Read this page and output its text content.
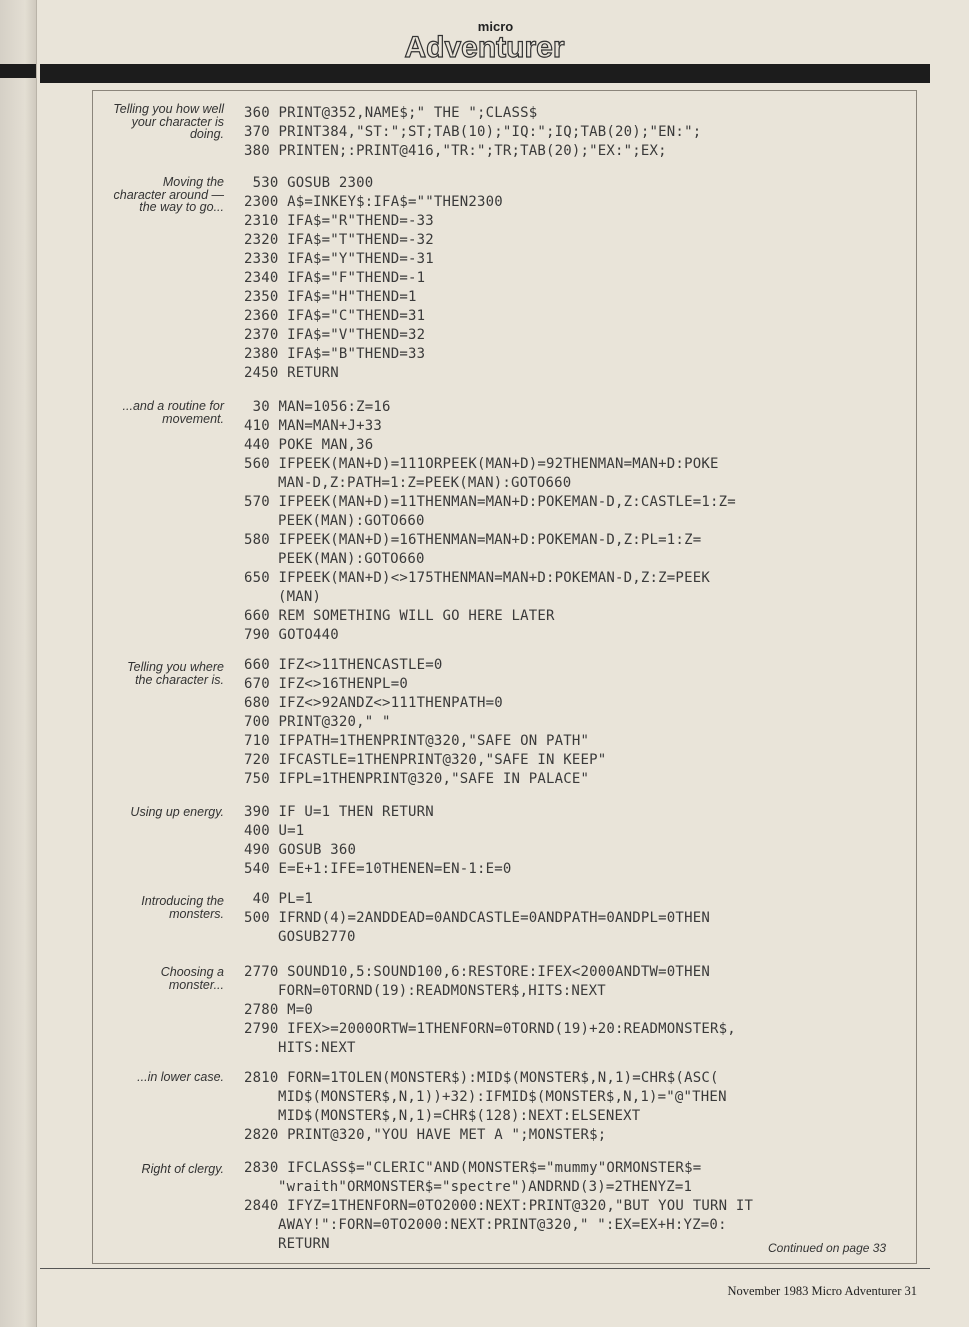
micro
Adventurer
Telling you how well your character is doing.
360 PRINT@352,NAME$;" THE ";CLASS$
370 PRINT384,"ST:";ST;TAB(10);"IQ:";IQ;TAB(20);"EN:";
380 PRINTEN;:PRINT@416,"TR:";TR;TAB(20);"EX:";EX;
Moving the character around — the way to go...
530 GOSUB 2300
2300 A$=INKEY$:IFA$=""THEN2300
2310 IFA$="R"THEND=-33
2320 IFA$="T"THEND=-32
2330 IFA$="Y"THEND=-31
2340 IFA$="F"THEND=-1
2350 IFA$="H"THEND=1
2360 IFA$="C"THEND=31
2370 IFA$="V"THEND=32
2380 IFA$="B"THEND=33
2450 RETURN
...and a routine for movement.
30 MAN=1056:Z=16
410 MAN=MAN+J+33
440 POKE MAN,36
560 IFPEEK(MAN+D)=111ORPEEK(MAN+D)=92THENMAN=MAN+D:POKE
MAN-D,Z:PATH=1:Z=PEEK(MAN):GOTO660
570 IFPEEK(MAN+D)=11THENMAN=MAN+D:POKEMAN-D,Z:CASTLE=1:Z=
PEEK(MAN):GOTO660
580 IFPEEK(MAN+D)=16THENMAN=MAN+D:POKEMAN-D,Z:PL=1:Z=
PEEK(MAN):GOTO660
650 IFPEEK(MAN+D)<>175THENMAN=MAN+D:POKEMAN-D,Z:Z=PEEK
(MAN)
660 REM SOMETHING WILL GO HERE LATER
790 GOTO440
Telling you where the character is.
660 IFZ<>11THENCASTLE=0
670 IFZ<>16THENPL=0
680 IFZ<>92ANDZ<>111THENPATH=0
700 PRINT@320," "
710 IFPATH=1THENPRINT@320,"SAFE ON PATH"
720 IFCASTLE=1THENPRINT@320,"SAFE IN KEEP"
750 IFPL=1THENPRINT@320,"SAFE IN PALACE"
Using up energy. 390 IF U=1 THEN RETURN
400 U=1
490 GOSUB 360
540 E=E+1:IFE=10THENEN=EN-1:E=0
Introducing the monsters.
40 PL=1
500 IFRND(4)=2ANDDEAD=0ANDCASTLE=0ANDPATH=0ANDPL=0THEN
GOSUB2770
Choosing a monster...
2770 SOUND10,5:SOUND100,6:RESTORE:IFEX<2000ANDTW=0THEN
FORN=0TORND(19):READMONSTER$,HITS:NEXT
2780 M=0
2790 IFEX>=2000ORTW=1THENFORN=0TORND(19)+20:READMONSTER$,
HITS:NEXT
...in lower case. 2810 FORN=1TOLEN(MONSTER$):MID$(MONSTER$,N,1)=CHR$(ASC(
MID$(MONSTER$,N,1))+32):IFMID$(MONSTER$,N,1)="@"THEN
MID$(MONSTER$,N,1)=CHR$(128):NEXT:ELSENEXT
2820 PRINT@320,"YOU HAVE MET A ";MONSTER$;
Right of clergy. 2830 IFCLASS$="CLERIC"AND(MONSTER$="mummy"ORMONSTER$=
"wraith"ORMONSTER$="spectre")ANDRND(3)=2THENYZ=1
2840 IFYZ=1THENFORN=0TO2000:NEXT:PRINT@320,"BUT YOU TURN IT
AWAY!":FORN=0TO2000:NEXT:PRINT@320," ":EX=EX+H:YZ=0:
RETURN	Continued on page 33
November 1983 Micro Adventurer 31
